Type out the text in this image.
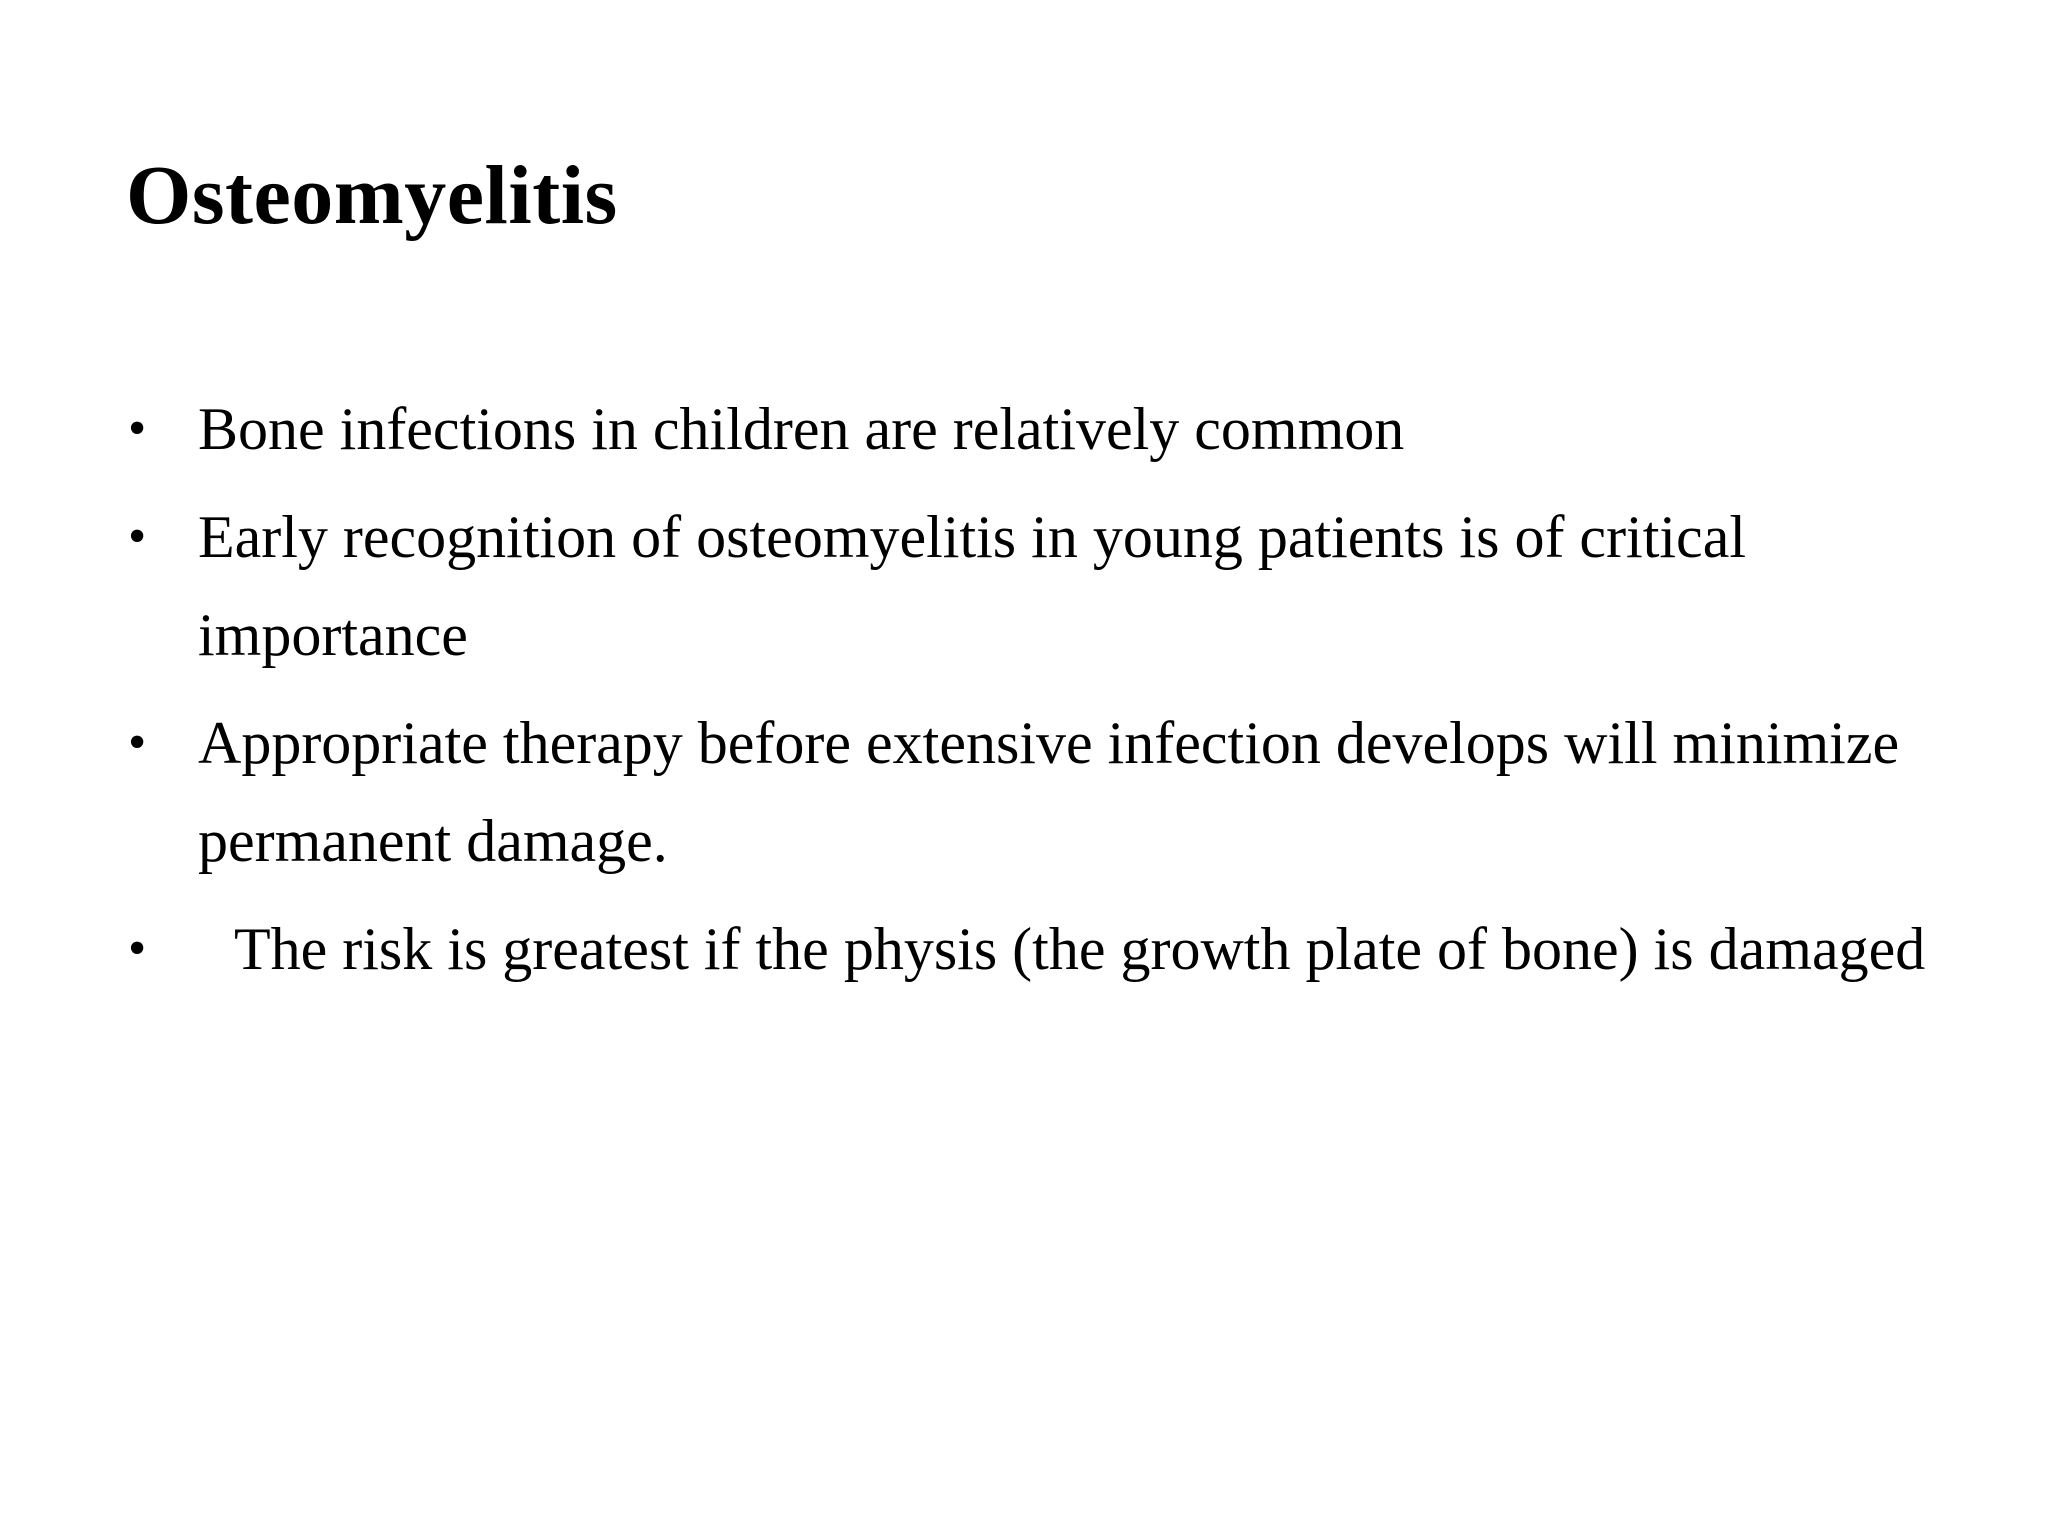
Osteomyelitis
• Bone infections in children are relatively common
• Early recognition of osteomyelitis in young patients is of critical importance
• Appropriate therapy before extensive infection develops will minimize permanent damage.
• The risk is greatest if the physis (the growth plate of bone) is damaged
